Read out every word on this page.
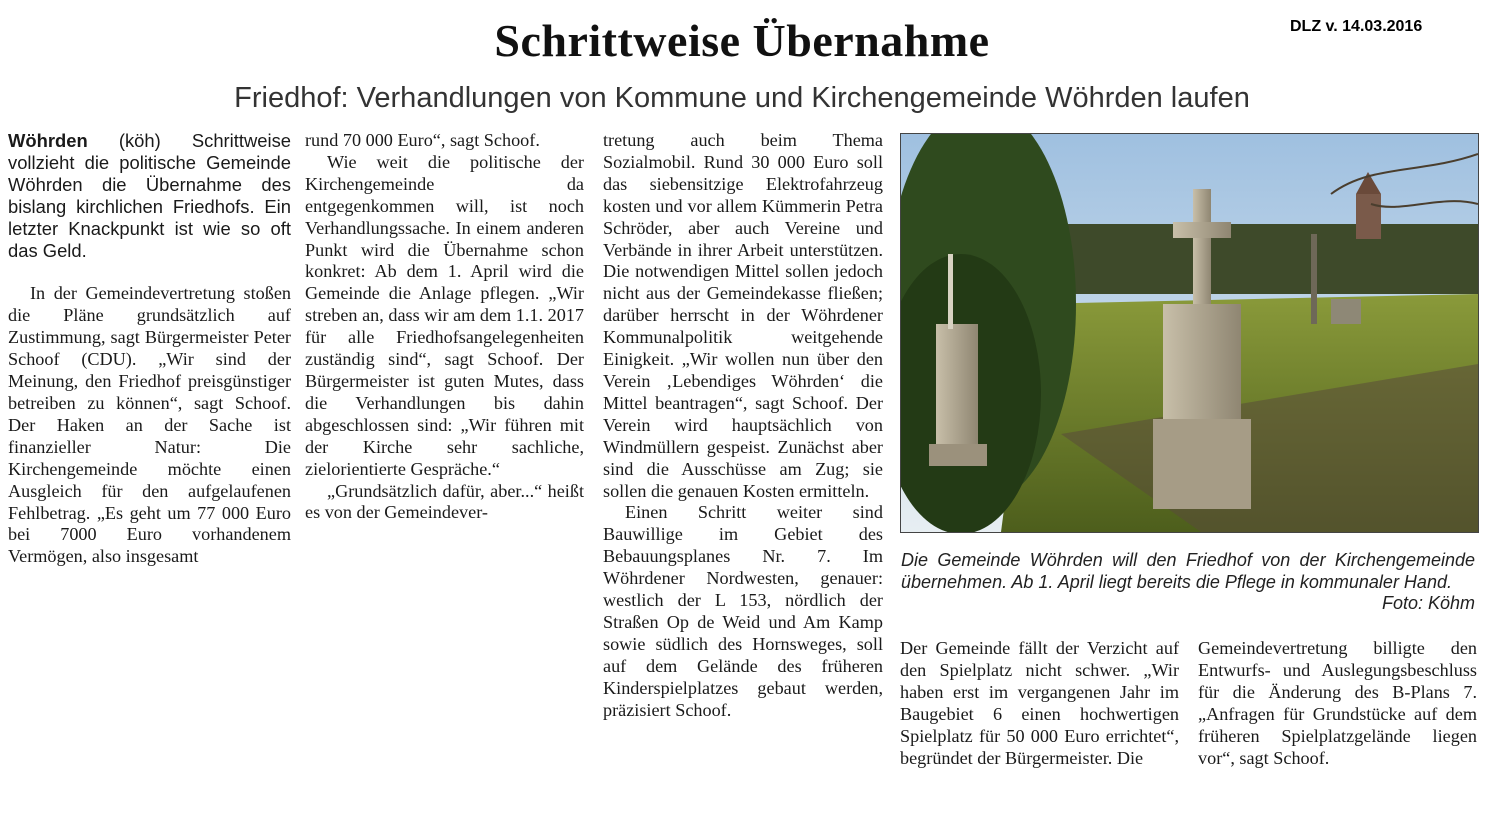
DLZ v. 14.03.2016
Schrittweise Übernahme
Friedhof: Verhandlungen von Kommune und Kirchengemeinde Wöhrden laufen

Wöhrden (köh) Schrittweise vollzieht die politische Gemeinde Wöhrden die Übernahme des bislang kirchlichen Friedhofs. Ein letzter Knackpunkt ist wie so oft das Geld.

In der Gemeindevertretung stoßen die Pläne grundsätzlich auf Zustimmung, sagt Bürgermeister Peter Schoof (CDU). „Wir sind der Meinung, den Friedhof preisgünstiger betreiben zu können“, sagt Schoof. Der Haken an der Sache ist finanzieller Natur: Die Kirchengemeinde möchte einen Ausgleich für den aufgelaufenen Fehlbetrag. „Es geht um 77 000 Euro bei 7000 Euro vorhandenem Vermögen, also insgesamt

rund 70 000 Euro“, sagt Schoof.

Wie weit die politische der Kirchengemeinde da entgegenkommen will, ist noch Verhandlungssache. In einem anderen Punkt wird die Übernahme schon konkret: Ab dem 1. April wird die Gemeinde die Anlage pflegen. „Wir streben an, dass wir am dem 1.1. 2017 für alle Friedhofsangelegenheiten zuständig sind“, sagt Schoof. Der Bürgermeister ist guten Mutes, dass die Verhandlungen bis dahin abgeschlossen sind: „Wir führen mit der Kirche sehr sachliche, zielorientierte Gespräche.“

„Grundsätzlich dafür, aber...“ heißt es von der Gemeindever-

tretung auch beim Thema Sozialmobil. Rund 30 000 Euro soll das siebensitzige Elektrofahrzeug kosten und vor allem Kümmerin Petra Schröder, aber auch Vereine und Verbände in ihrer Arbeit unterstützen. Die notwendigen Mittel sollen jedoch nicht aus der Gemeindekasse fließen; darüber herrscht in der Wöhrdener Kommunalpolitik weitgehende Einigkeit. „Wir wollen nun über den Verein ‚Lebendiges Wöhrden‘ die Mittel beantragen“, sagt Schoof. Der Verein wird hauptsächlich von Windmüllern gespeist. Zunächst aber sind die Ausschüsse am Zug; sie sollen die genauen Kosten ermitteln.

Einen Schritt weiter sind Bauwillige im Gebiet des Bebauungsplanes Nr. 7. Im Wöhrdener Nordwesten, genauer: westlich der L 153, nördlich der Straßen Op de Weid und Am Kamp sowie südlich des Hornsweges, soll auf dem Gelände des früheren Kinderspielplatzes gebaut werden, präzisiert Schoof.

Die Gemeinde Wöhrden will den Friedhof von der Kirchengemeinde übernehmen. Ab 1. April liegt bereits die Pflege in kommunaler Hand.
Foto: Köhm

Der Gemeinde fällt der Verzicht auf den Spielplatz nicht schwer. „Wir haben erst im vergangenen Jahr im Baugebiet 6 einen hochwertigen Spielplatz für 50 000 Euro errichtet“, begründet der Bürgermeister. Die

Gemeindevertretung billigte den Entwurfs- und Auslegungsbeschluss für die Änderung des B-Plans 7. „Anfragen für Grundstücke auf dem früheren Spielplatzgelände liegen vor“, sagt Schoof.
